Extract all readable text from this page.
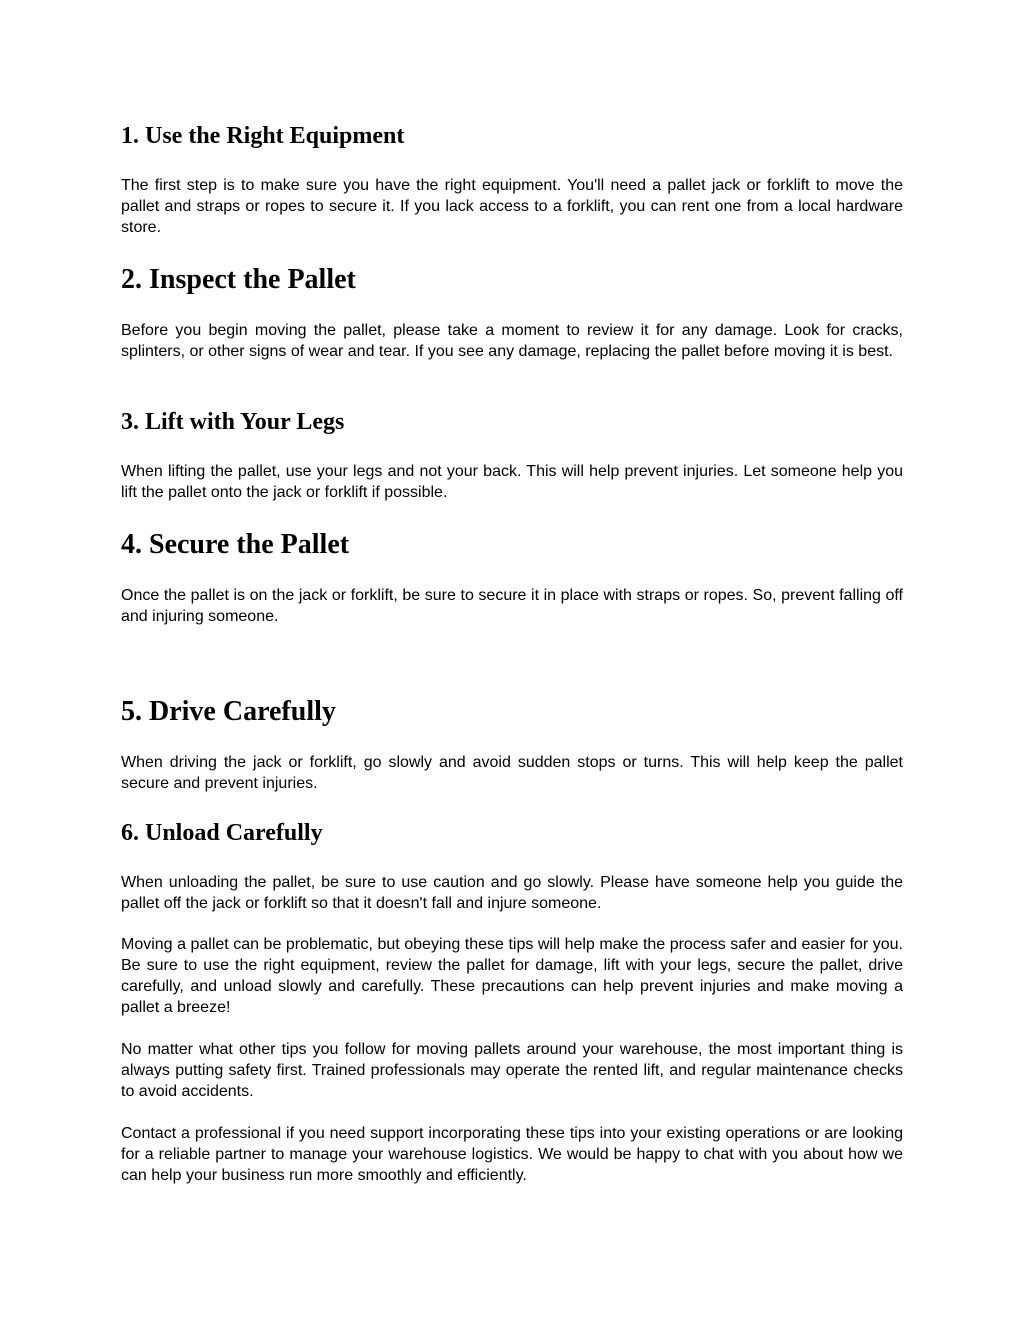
1. Use the Right Equipment

The first step is to make sure you have the right equipment. You'll need a pallet jack or forklift to move the pallet and straps or ropes to secure it. If you lack access to a forklift, you can rent one from a local hardware store.

2. Inspect the Pallet

Before you begin moving the pallet, please take a moment to review it for any damage. Look for cracks, splinters, or other signs of wear and tear. If you see any damage, replacing the pallet before moving it is best.

3. Lift with Your Legs

When lifting the pallet, use your legs and not your back. This will help prevent injuries. Let someone help you lift the pallet onto the jack or forklift if possible.

4. Secure the Pallet

Once the pallet is on the jack or forklift, be sure to secure it in place with straps or ropes. So, prevent falling off and injuring someone.

5. Drive Carefully

When driving the jack or forklift, go slowly and avoid sudden stops or turns. This will help keep the pallet secure and prevent injuries.

6. Unload Carefully

When unloading the pallet, be sure to use caution and go slowly. Please have someone help you guide the pallet off the jack or forklift so that it doesn't fall and injure someone.

Moving a pallet can be problematic, but obeying these tips will help make the process safer and easier for you. Be sure to use the right equipment, review the pallet for damage, lift with your legs, secure the pallet, drive carefully, and unload slowly and carefully. These precautions can help prevent injuries and make moving a pallet a breeze!

No matter what other tips you follow for moving pallets around your warehouse, the most important thing is always putting safety first. Trained professionals may operate the rented lift, and regular maintenance checks to avoid accidents.

Contact a professional if you need support incorporating these tips into your existing operations or are looking for a reliable partner to manage your warehouse logistics. We would be happy to chat with you about how we can help your business run more smoothly and efficiently.
